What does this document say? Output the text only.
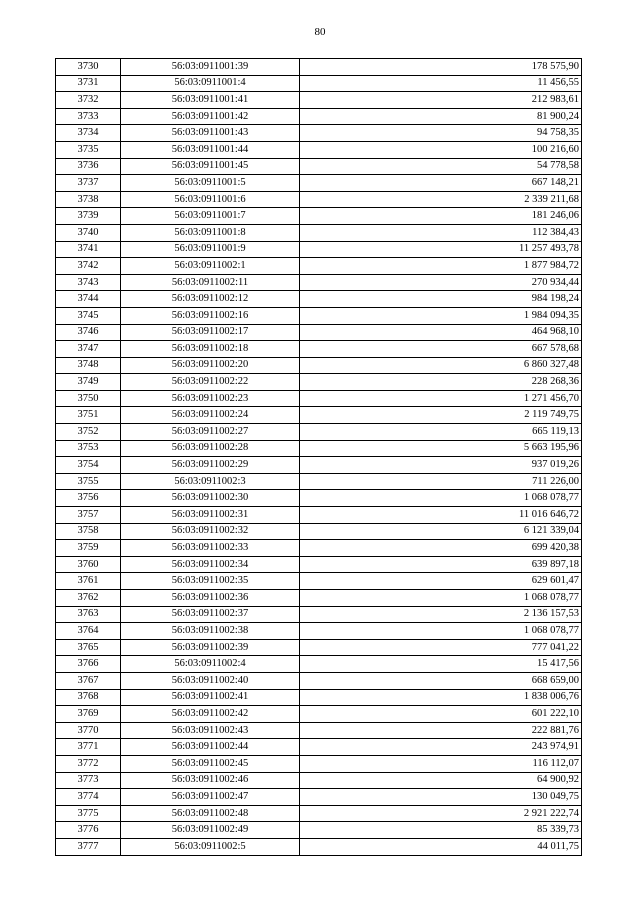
80
3730	56:03:0911001:39	178 575,90
3731	56:03:0911001:4	11 456,55
3732	56:03:0911001:41	212 983,61
3733	56:03:0911001:42	81 900,24
3734	56:03:0911001:43	94 758,35
3735	56:03:0911001:44	100 216,60
3736	56:03:0911001:45	54 778,58
3737	56:03:0911001:5	667 148,21
3738	56:03:0911001:6	2 339 211,68
3739	56:03:0911001:7	181 246,06
3740	56:03:0911001:8	112 384,43
3741	56:03:0911001:9	11 257 493,78
3742	56:03:0911002:1	1 877 984,72
3743	56:03:0911002:11	270 934,44
3744	56:03:0911002:12	984 198,24
3745	56:03:0911002:16	1 984 094,35
3746	56:03:0911002:17	464 968,10
3747	56:03:0911002:18	667 578,68
3748	56:03:0911002:20	6 860 327,48
3749	56:03:0911002:22	228 268,36
3750	56:03:0911002:23	1 271 456,70
3751	56:03:0911002:24	2 119 749,75
3752	56:03:0911002:27	665 119,13
3753	56:03:0911002:28	5 663 195,96
3754	56:03:0911002:29	937 019,26
3755	56:03:0911002:3	711 226,00
3756	56:03:0911002:30	1 068 078,77
3757	56:03:0911002:31	11 016 646,72
3758	56:03:0911002:32	6 121 339,04
3759	56:03:0911002:33	699 420,38
3760	56:03:0911002:34	639 897,18
3761	56:03:0911002:35	629 601,47
3762	56:03:0911002:36	1 068 078,77
3763	56:03:0911002:37	2 136 157,53
3764	56:03:0911002:38	1 068 078,77
3765	56:03:0911002:39	777 041,22
3766	56:03:0911002:4	15 417,56
3767	56:03:0911002:40	668 659,00
3768	56:03:0911002:41	1 838 006,76
3769	56:03:0911002:42	601 222,10
3770	56:03:0911002:43	222 881,76
3771	56:03:0911002:44	243 974,91
3772	56:03:0911002:45	116 112,07
3773	56:03:0911002:46	64 900,92
3774	56:03:0911002:47	130 049,75
3775	56:03:0911002:48	2 921 222,74
3776	56:03:0911002:49	85 339,73
3777	56:03:0911002:5	44 011,75
